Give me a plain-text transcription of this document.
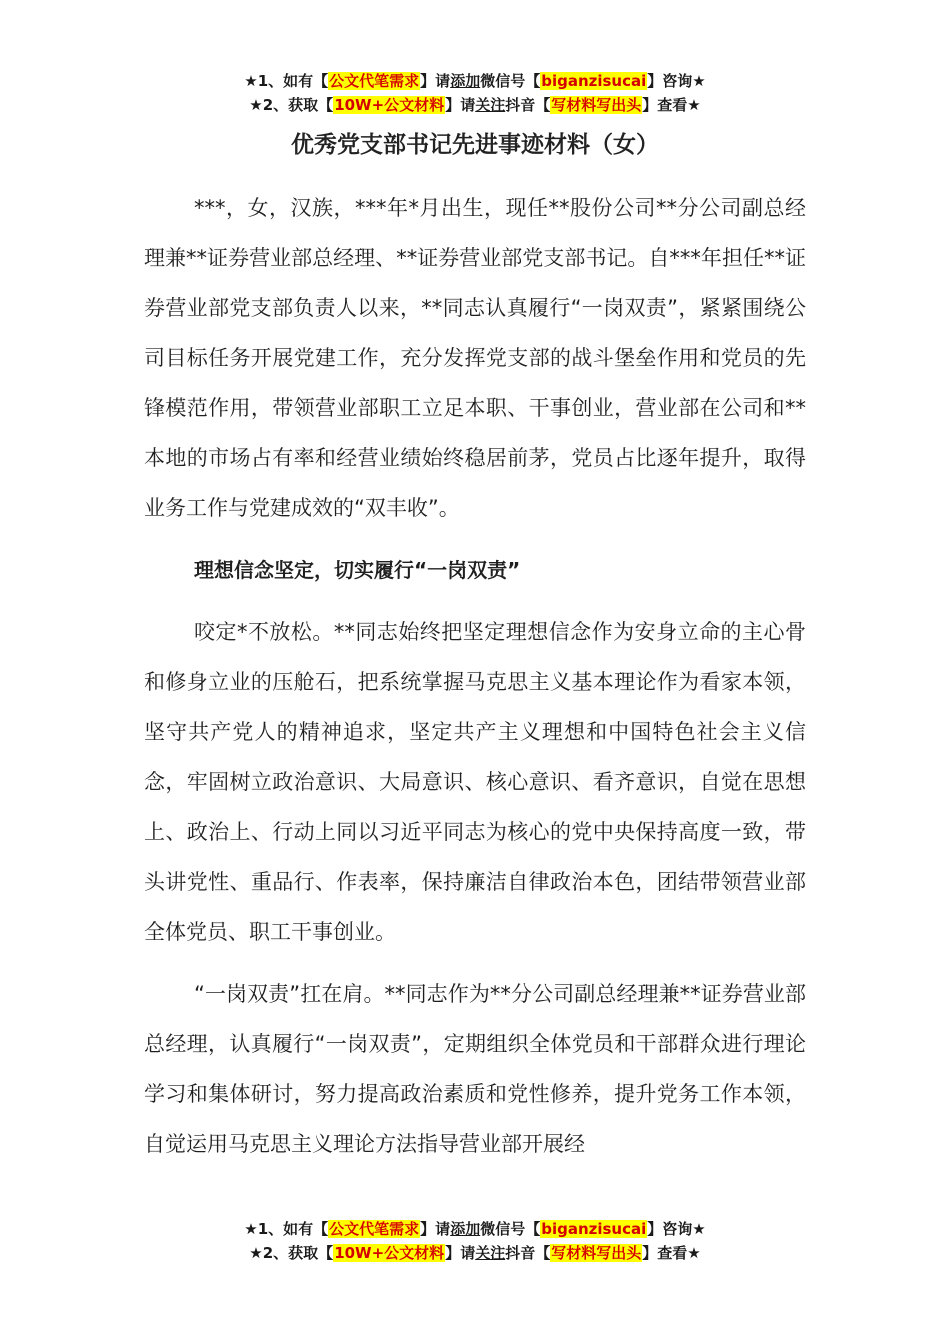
★1、如有【公文代笔需求】请添加微信号【biganzisucai】咨询★
★2、获取【10W+公文材料】请关注抖音【写材料写出头】查看★
优秀党支部书记先进事迹材料（女）

***，女，汉族，***年*月出生，现任**股份公司**分公司副总经理兼**证券营业部总经理、**证券营业部党支部书记。自***年担任**证券营业部党支部负责人以来，**同志认真履行“一岗双责”，紧紧围绕公司目标任务开展党建工作，充分发挥党支部的战斗堡垒作用和党员的先锋模范作用，带领营业部职工立足本职、干事创业，营业部在公司和**本地的市场占有率和经营业绩始终稳居前茅，党员占比逐年提升，取得业务工作与党建成效的“双丰收”。

理想信念坚定，切实履行“一岗双责”

咬定*不放松。**同志始终把坚定理想信念作为安身立命的主心骨和修身立业的压舱石，把系统掌握马克思主义基本理论作为看家本领，坚守共产党人的精神追求，坚定共产主义理想和中国特色社会主义信念，牢固树立政治意识、大局意识、核心意识、看齐意识，自觉在思想上、政治上、行动上同以习近平同志为核心的党中央保持高度一致，带头讲党性、重品行、作表率，保持廉洁自律政治本色，团结带领营业部全体党员、职工干事创业。

“一岗双责”扛在肩。**同志作为**分公司副总经理兼**证券营业部总经理，认真履行“一岗双责”，定期组织全体党员和干部群众进行理论学习和集体研讨，努力提高政治素质和党性修养，提升党务工作本领，自觉运用马克思主义理论方法指导营业部开展经

★1、如有【公文代笔需求】请添加微信号【biganzisucai】咨询★
★2、获取【10W+公文材料】请关注抖音【写材料写出头】查看★
